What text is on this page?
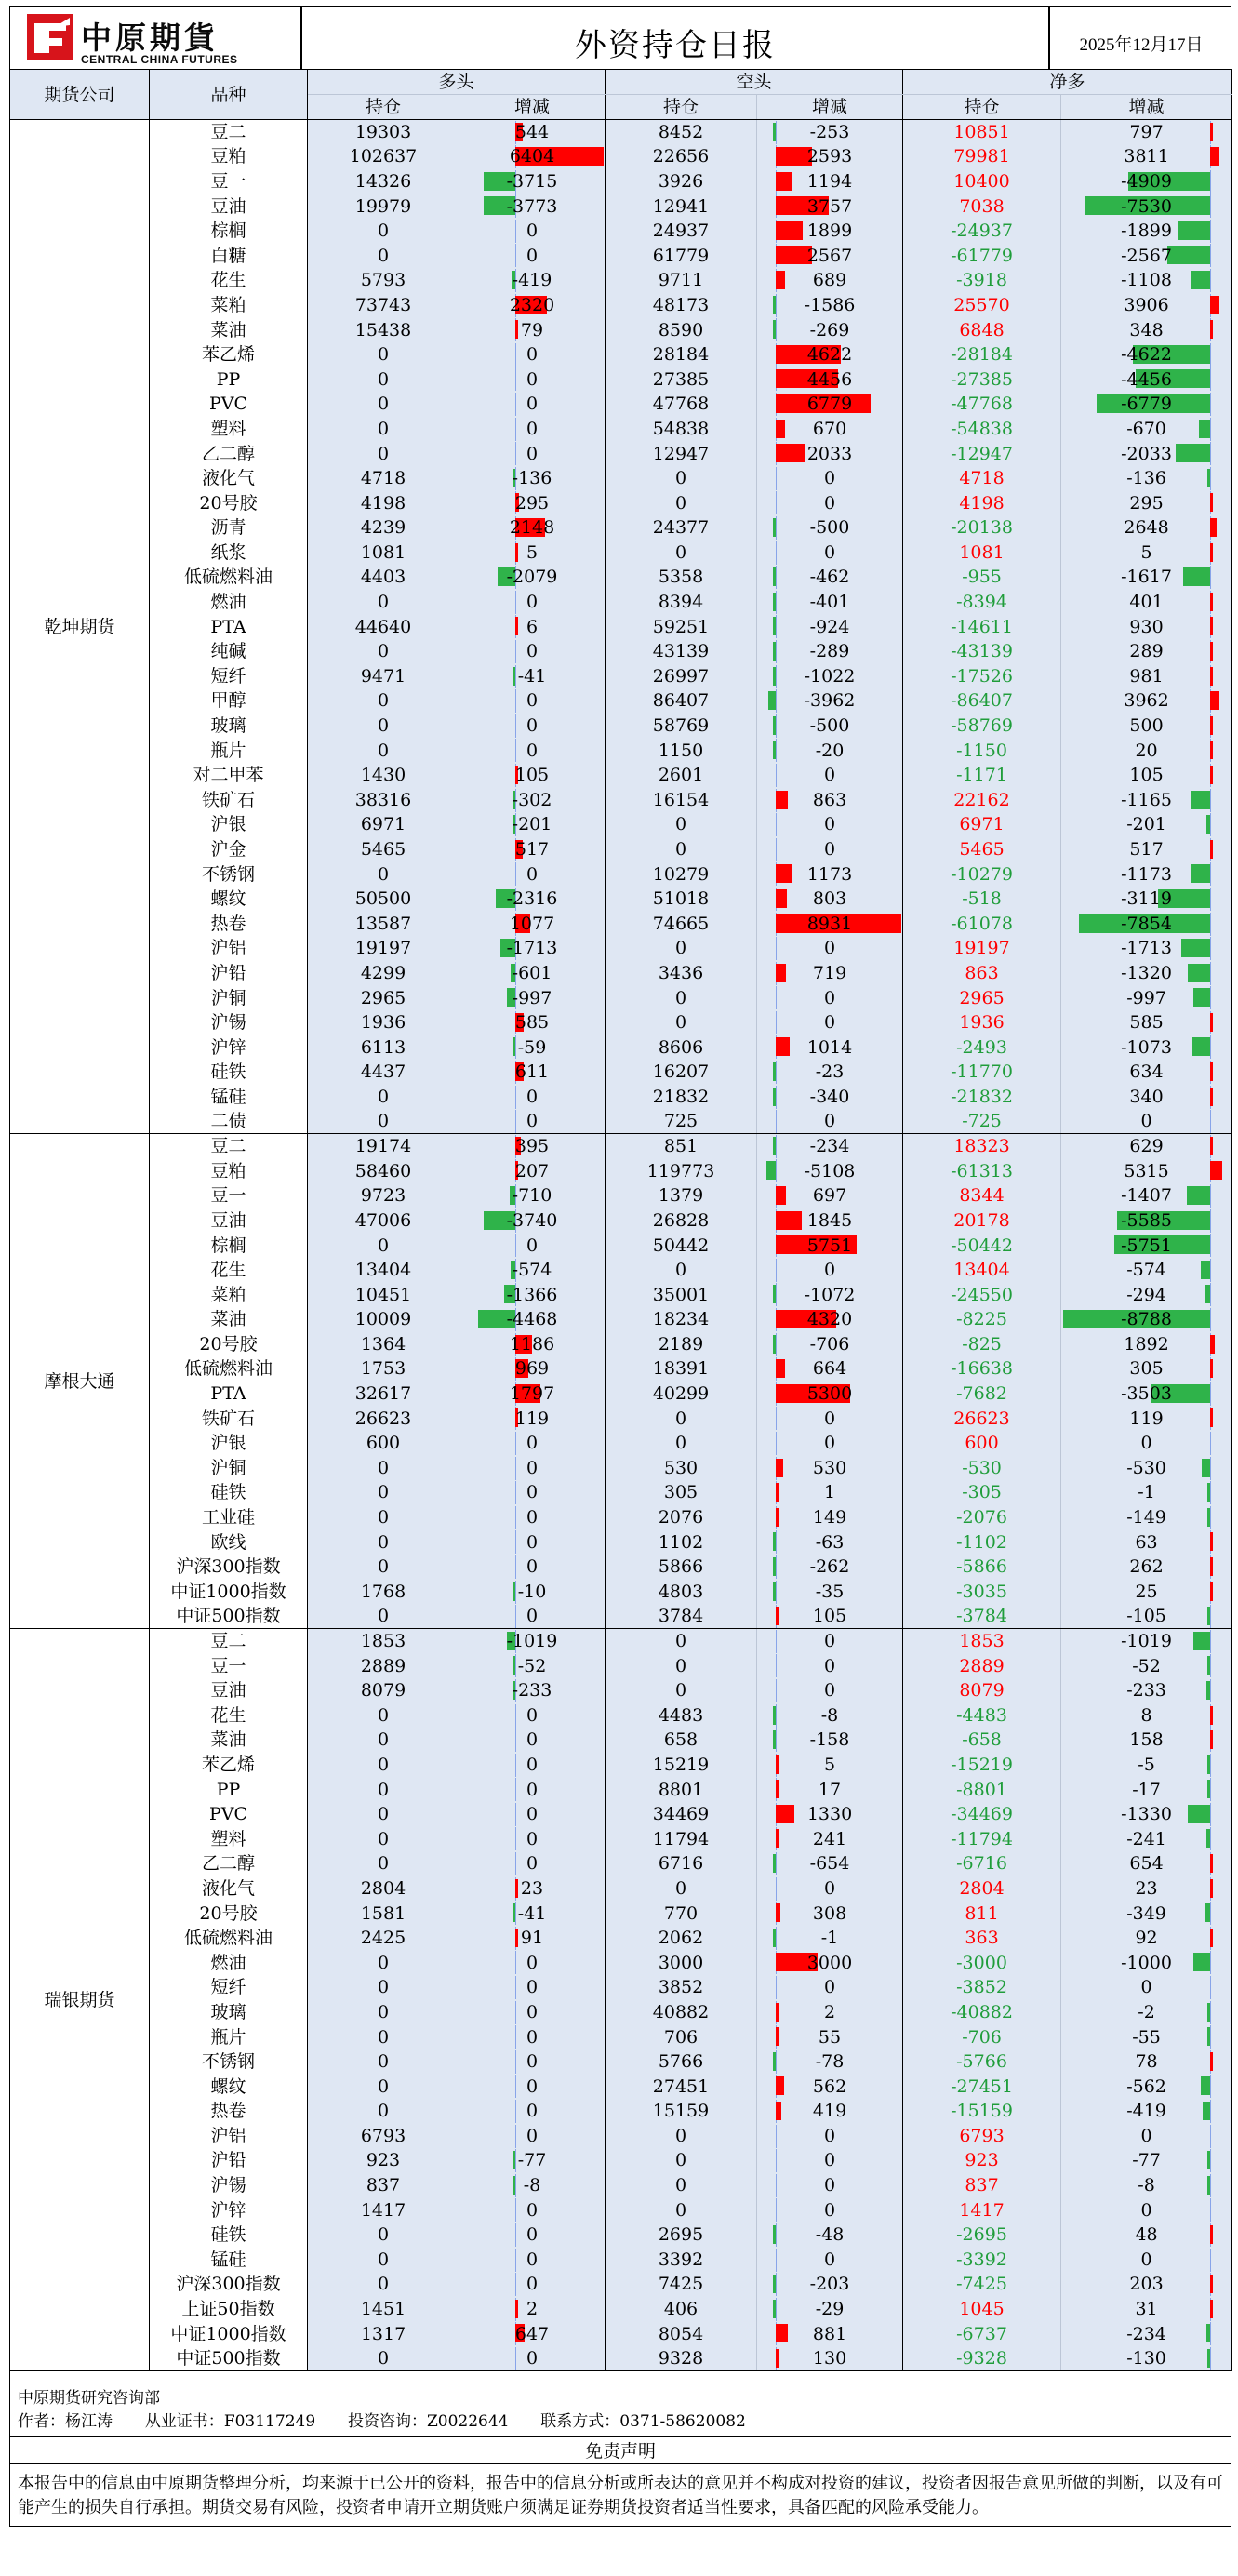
中原期貨
CENTRAL CHINA FUTURES	外资持仓日报	2025年12月17日
期货公司	品种	多头		空头		净多	
		持仓	增减	持仓	增减	持仓	增减
乾坤期货	豆二	19303	544	8452	-253	10851	797
	豆粕	102637	6404	22656	2593	79981	3811
	豆一	14326	-3715	3926	1194	10400	-4909
	豆油	19979	-3773	12941	3757	7038	-7530
	棕榈	0	0	24937	1899	-24937	-1899
	白糖	0	0	61779	2567	-61779	-2567
	花生	5793	-419	9711	689	-3918	-1108
	菜粕	73743	2320	48173	-1586	25570	3906
	菜油	15438	79	8590	-269	6848	348
	苯乙烯	0	0	28184	4622	-28184	-4622
	PP	0	0	27385	4456	-27385	-4456
	PVC	0	0	47768	6779	-47768	-6779
	塑料	0	0	54838	670	-54838	-670
	乙二醇	0	0	12947	2033	-12947	-2033
	液化气	4718	-136	0	0	4718	-136
	20号胶	4198	295	0	0	4198	295
	沥青	4239	2148	24377	-500	-20138	2648
	纸浆	1081	5	0	0	1081	5
	低硫燃料油	4403	-2079	5358	-462	-955	-1617
	燃油	0	0	8394	-401	-8394	401
	PTA	44640	6	59251	-924	-14611	930
	纯碱	0	0	43139	-289	-43139	289
	短纤	9471	-41	26997	-1022	-17526	981
	甲醇	0	0	86407	-3962	-86407	3962
	玻璃	0	0	58769	-500	-58769	500
	瓶片	0	0	1150	-20	-1150	20
	对二甲苯	1430	105	2601	0	-1171	105
	铁矿石	38316	-302	16154	863	22162	-1165
	沪银	6971	-201	0	0	6971	-201
	沪金	5465	517	0	0	5465	517
	不锈钢	0	0	10279	1173	-10279	-1173
	螺纹	50500	-2316	51018	803	-518	-3119
	热卷	13587	1077	74665	8931	-61078	-7854
	沪铝	19197	-1713	0	0	19197	-1713
	沪铅	4299	-601	3436	719	863	-1320
	沪铜	2965	-997	0	0	2965	-997
	沪锡	1936	585	0	0	1936	585
	沪锌	6113	-59	8606	1014	-2493	-1073
	硅铁	4437	611	16207	-23	-11770	634
	锰硅	0	0	21832	-340	-21832	340
	二债	0	0	725	0	-725	0
摩根大通	豆二	19174	395	851	-234	18323	629
	豆粕	58460	207	119773	-5108	-61313	5315
	豆一	9723	-710	1379	697	8344	-1407
	豆油	47006	-3740	26828	1845	20178	-5585
	棕榈	0	0	50442	5751	-50442	-5751
	花生	13404	-574	0	0	13404	-574
	菜粕	10451	-1366	35001	-1072	-24550	-294
	菜油	10009	-4468	18234	4320	-8225	-8788
	20号胶	1364	1186	2189	-706	-825	1892
	低硫燃料油	1753	969	18391	664	-16638	305
	PTA	32617	1797	40299	5300	-7682	-3503
	铁矿石	26623	119	0	0	26623	119
	沪银	600	0	0	0	600	0
	沪铜	0	0	530	530	-530	-530
	硅铁	0	0	305	1	-305	-1
	工业硅	0	0	2076	149	-2076	-149
	欧线	0	0	1102	-63	-1102	63
	沪深300指数	0	0	5866	-262	-5866	262
	中证1000指数	1768	-10	4803	-35	-3035	25
	中证500指数	0	0	3784	105	-3784	-105
瑞银期货	豆二	1853	-1019	0	0	1853	-1019
	豆一	2889	-52	0	0	2889	-52
	豆油	8079	-233	0	0	8079	-233
	花生	0	0	4483	-8	-4483	8
	菜油	0	0	658	-158	-658	158
	苯乙烯	0	0	15219	5	-15219	-5
	PP	0	0	8801	17	-8801	-17
	PVC	0	0	34469	1330	-34469	-1330
	塑料	0	0	11794	241	-11794	-241
	乙二醇	0	0	6716	-654	-6716	654
	液化气	2804	23	0	0	2804	23
	20号胶	1581	-41	770	308	811	-349
	低硫燃料油	2425	91	2062	-1	363	92
	燃油	0	0	3000	3000	-3000	-1000
	短纤	0	0	3852	0	-3852	0
	玻璃	0	0	40882	2	-40882	-2
	瓶片	0	0	706	55	-706	-55
	不锈钢	0	0	5766	-78	-5766	78
	螺纹	0	0	27451	562	-27451	-562
	热卷	0	0	15159	419	-15159	-419
	沪铝	6793	0	0	0	6793	0
	沪铅	923	-77	0	0	923	-77
	沪锡	837	-8	0	0	837	-8
	沪锌	1417	0	0	0	1417	0
	硅铁	0	0	2695	-48	-2695	48
	锰硅	0	0	3392	0	-3392	0
	沪深300指数	0	0	7425	-203	-7425	203
	上证50指数	1451	2	406	-29	1045	31
	中证1000指数	1317	647	8054	881	-6737	-234
	中证500指数	0	0	9328	130	-9328	-130
中原期货研究咨询部
作者：杨江涛 从业证书：F03117249 投资咨询：Z0022644 联系方式：0371-58620082
免责声明
本报告中的信息由中原期货整理分析，均来源于已公开的资料，报告中的信息分析或所表达的意见并不构成对投资的建议，投资者因报告意见所做的判断，以及有可能产生的损失自行承担。期货交易有风险，投资者申请开立期货账户须满足证券期货投资者适当性要求，具备匹配的风险承受能力。
